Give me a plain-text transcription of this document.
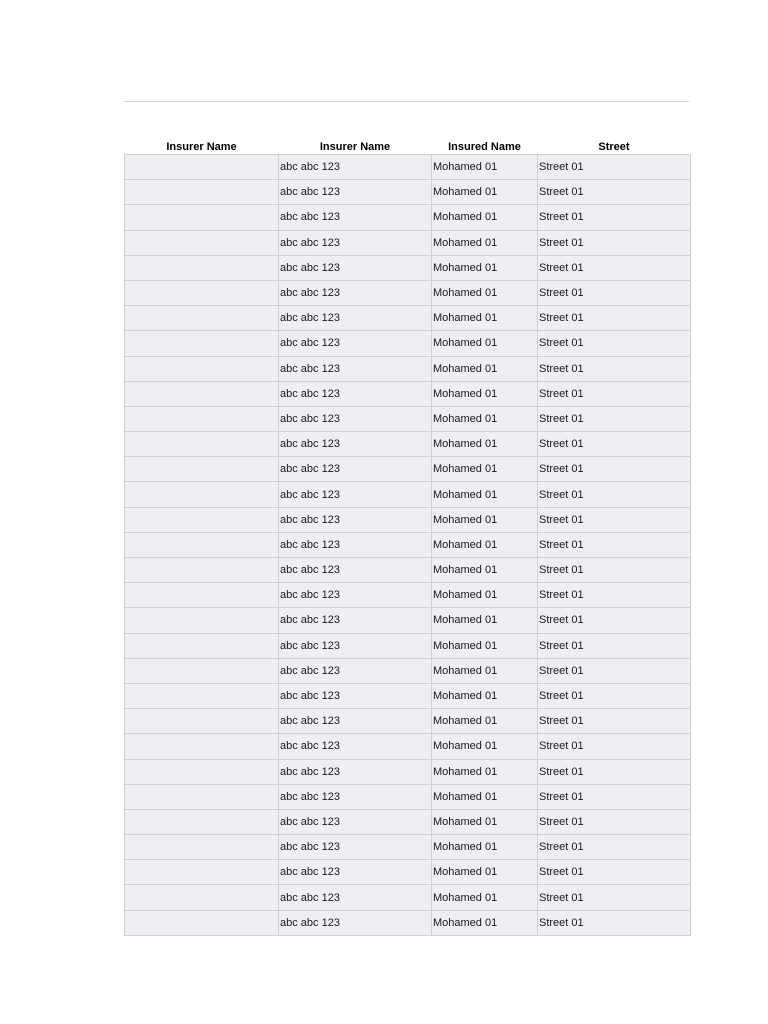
Insurer Name	Insurer Name	Insured Name	Street
	abc abc 123	Mohamed 01	Street 01
	abc abc 123	Mohamed 01	Street 01
	abc abc 123	Mohamed 01	Street 01
	abc abc 123	Mohamed 01	Street 01
	abc abc 123	Mohamed 01	Street 01
	abc abc 123	Mohamed 01	Street 01
	abc abc 123	Mohamed 01	Street 01
	abc abc 123	Mohamed 01	Street 01
	abc abc 123	Mohamed 01	Street 01
	abc abc 123	Mohamed 01	Street 01
	abc abc 123	Mohamed 01	Street 01
	abc abc 123	Mohamed 01	Street 01
	abc abc 123	Mohamed 01	Street 01
	abc abc 123	Mohamed 01	Street 01
	abc abc 123	Mohamed 01	Street 01
	abc abc 123	Mohamed 01	Street 01
	abc abc 123	Mohamed 01	Street 01
	abc abc 123	Mohamed 01	Street 01
	abc abc 123	Mohamed 01	Street 01
	abc abc 123	Mohamed 01	Street 01
	abc abc 123	Mohamed 01	Street 01
	abc abc 123	Mohamed 01	Street 01
	abc abc 123	Mohamed 01	Street 01
	abc abc 123	Mohamed 01	Street 01
	abc abc 123	Mohamed 01	Street 01
	abc abc 123	Mohamed 01	Street 01
	abc abc 123	Mohamed 01	Street 01
	abc abc 123	Mohamed 01	Street 01
	abc abc 123	Mohamed 01	Street 01
	abc abc 123	Mohamed 01	Street 01
	abc abc 123	Mohamed 01	Street 01
